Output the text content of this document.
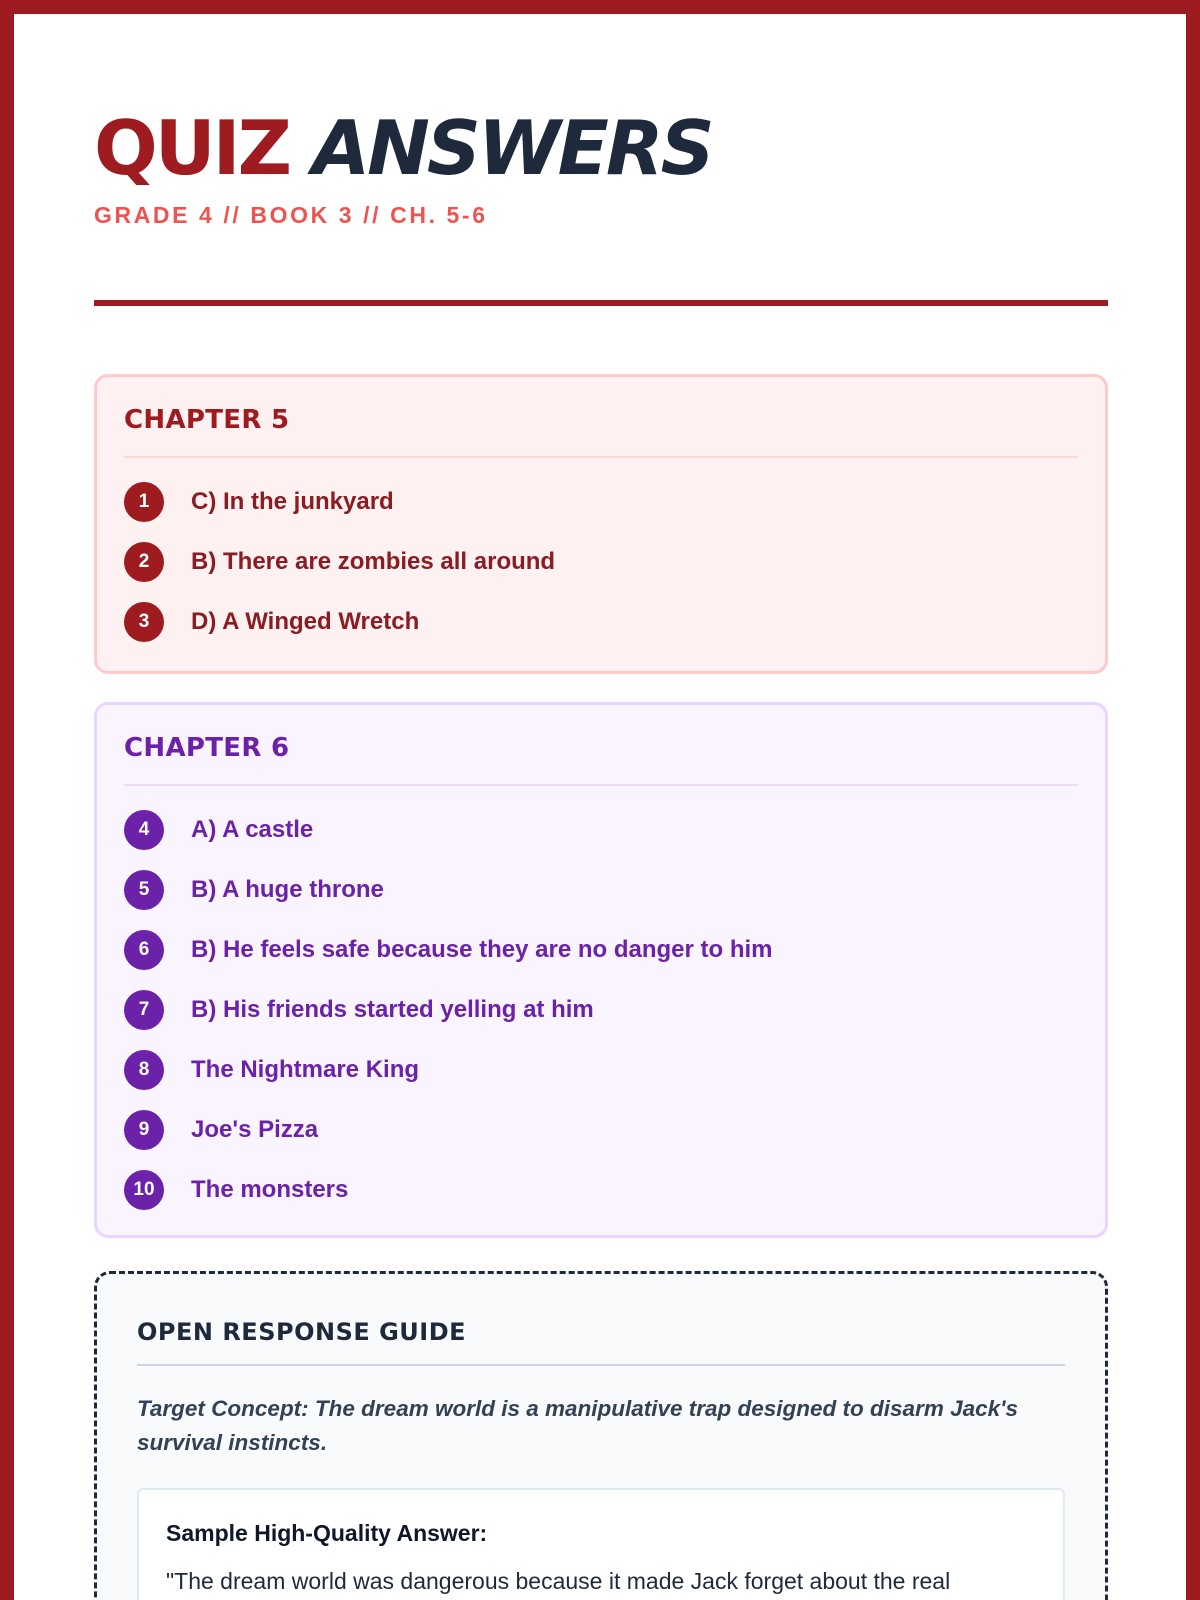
QUIZ ANSWERS
GRADE 4 // BOOK 3 // CH. 5-6
CHAPTER 5
1	C) In the junkyard
2	B) There are zombies all around
3	D) A Winged Wretch
CHAPTER 6
4	A) A castle
5	B) A huge throne
6	B) He feels safe because they are no danger to him
7	B) His friends started yelling at him
8	The Nightmare King
9	Joe's Pizza
10	The monsters
OPEN RESPONSE GUIDE

Target Concept: The dream world is a manipulative trap designed to disarm Jack's survival instincts.

Sample High-Quality Answer:
"The dream world was dangerous because it made Jack forget about the real
